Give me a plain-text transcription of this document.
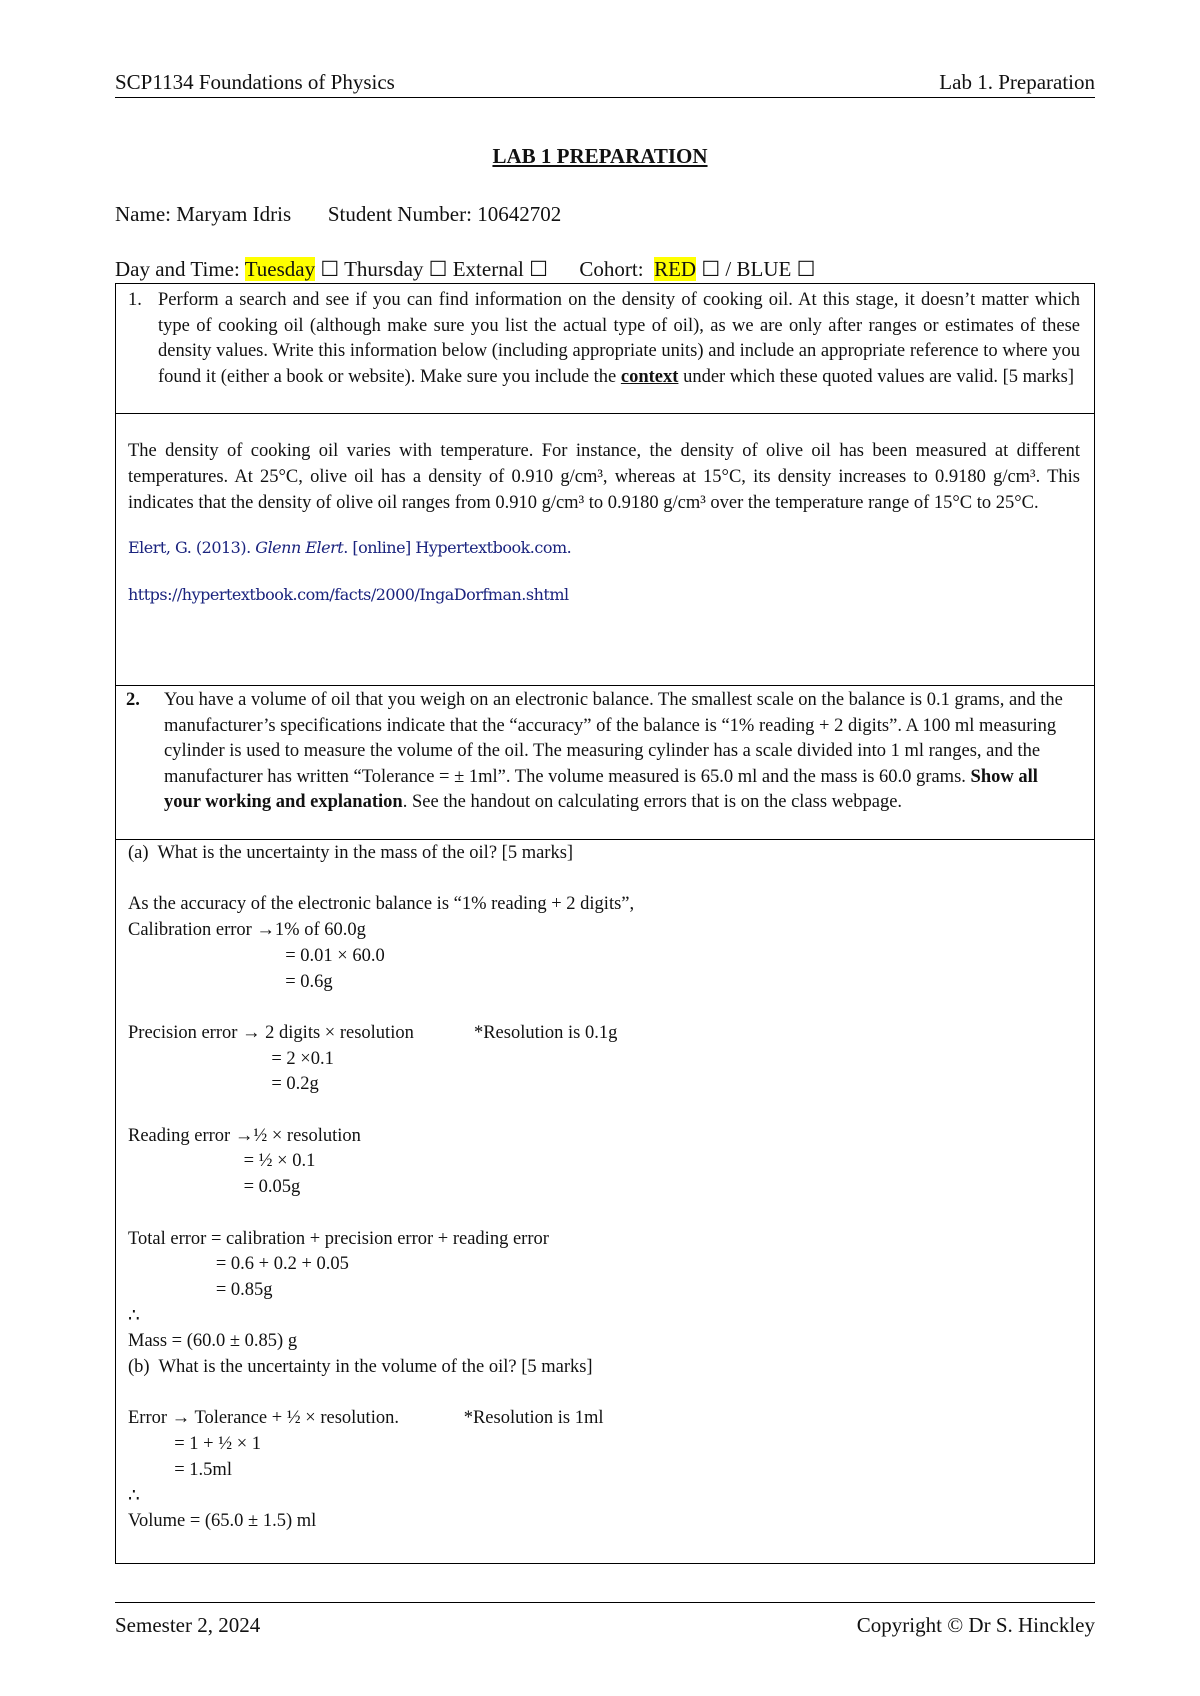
SCP1134 Foundations of Physics	Lab 1. Preparation
LAB 1 PREPARATION
Name: Maryam Idris Student Number: 10642702
Day and Time: Tuesday ☐ Thursday ☐ External ☐      Cohort:  RED ☐ / BLUE ☐
1. Perform a search and see if you can find information on the density of cooking oil. At this stage, it doesn’t matter which type of cooking oil (although make sure you list the actual type of oil), as we are only after ranges or estimates of these density values. Write this information below (including appropriate units) and include an appropriate reference to where you found it (either a book or website). Make sure you include the context under which these quoted values are valid. [5 marks]
The density of cooking oil varies with temperature. For instance, the density of olive oil has been measured at different temperatures. At 25°C, olive oil has a density of 0.910 g/cm³, whereas at 15°C, its density increases to 0.9180 g/cm³. This indicates that the density of olive oil ranges from 0.910 g/cm³ to 0.9180 g/cm³ over the temperature range of 15°C to 25°C.
Elert, G. (2013). Glenn Elert. [online] Hypertextbook.com.
https://hypertextbook.com/facts/2000/IngaDorfman.shtml
2.	You have a volume of oil that you weigh on an electronic balance. The smallest scale on the balance is 0.1 grams, and the manufacturer’s specifications indicate that the “accuracy” of the balance is “1% reading + 2 digits”. A 100 ml measuring cylinder is used to measure the volume of the oil. The measuring cylinder has a scale divided into 1 ml ranges, and the manufacturer has written “Tolerance = ± 1ml”. The volume measured is 65.0 ml and the mass is 60.0 grams. Show all your working and explanation. See the handout on calculating errors that is on the class webpage.
(a)  What is the uncertainty in the mass of the oil? [5 marks]

As the accuracy of the electronic balance is “1% reading + 2 digits”,
Calibration error →1% of 60.0g
= 0.01 × 60.0
= 0.6g

Precision error → 2 digits × resolution             *Resolution is 0.1g
= 2 ×0.1
= 0.2g

Reading error →½ × resolution
= ½ × 0.1
= 0.05g

Total error = calibration + precision error + reading error
= 0.6 + 0.2 + 0.05
= 0.85g
∴
Mass = (60.0 ± 0.85) g

(b)  What is the uncertainty in the volume of the oil? [5 marks]

Error → Tolerance + ½ × resolution.              *Resolution is 1ml
= 1 + ½ × 1
= 1.5ml
∴
Volume = (65.0 ± 1.5) ml
Semester 2, 2024	Copyright © Dr S. Hinckley
